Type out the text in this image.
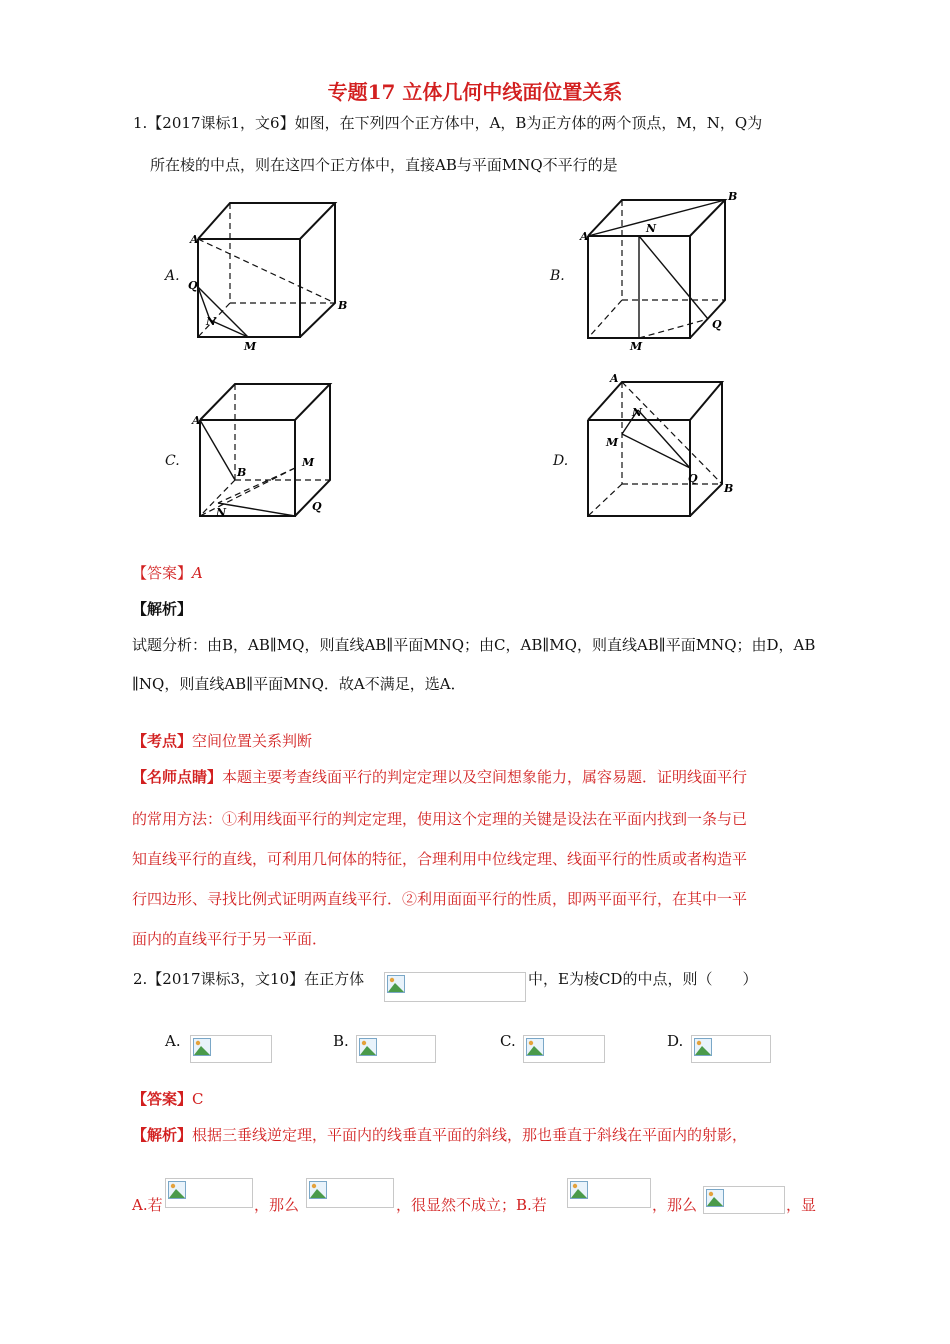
专题17 立体几何中线面位置关系
1.【2017课标1，文6】如图，在下列四个正方体中，A，B为正方体的两个顶点，M，N，Q为
所在棱的中点，则在这四个正方体中，直接AB与平面MNQ不平行的是
A.
A
B
Q
N
M
B.
A
B
N
Q
M
C.
A
B
M
N	Q
D.
A
B
M
N
Q
【答案】A
【解析】
试题分析：由B，AB∥MQ，则直线AB∥平面MNQ；由C，AB∥MQ，则直线AB∥平面MNQ；由D，AB
∥NQ，则直线AB∥平面MNQ．故A不满足，选A．
【考点】空间位置关系判断
【名师点睛】本题主要考查线面平行的判定定理以及空间想象能力，属容易题．证明线面平行
的常用方法：①利用线面平行的判定定理，使用这个定理的关键是设法在平面内找到一条与已
知直线平行的直线，可利用几何体的特征，合理利用中位线定理、线面平行的性质或者构造平
行四边形、寻找比例式证明两直线平行．②利用面面平行的性质，即两平面平行，在其中一平
面内的直线平行于另一平面．
2.【2017课标3，文10】在正方体	中，E为棱CD的中点，则（　　）
A.	B.	C.	D.
【答案】C
【解析】根据三垂线逆定理，平面内的线垂直平面的斜线，那也垂直于斜线在平面内的射影，
A.若	，那么	，很显然不成立；B.若	，那么	，显
